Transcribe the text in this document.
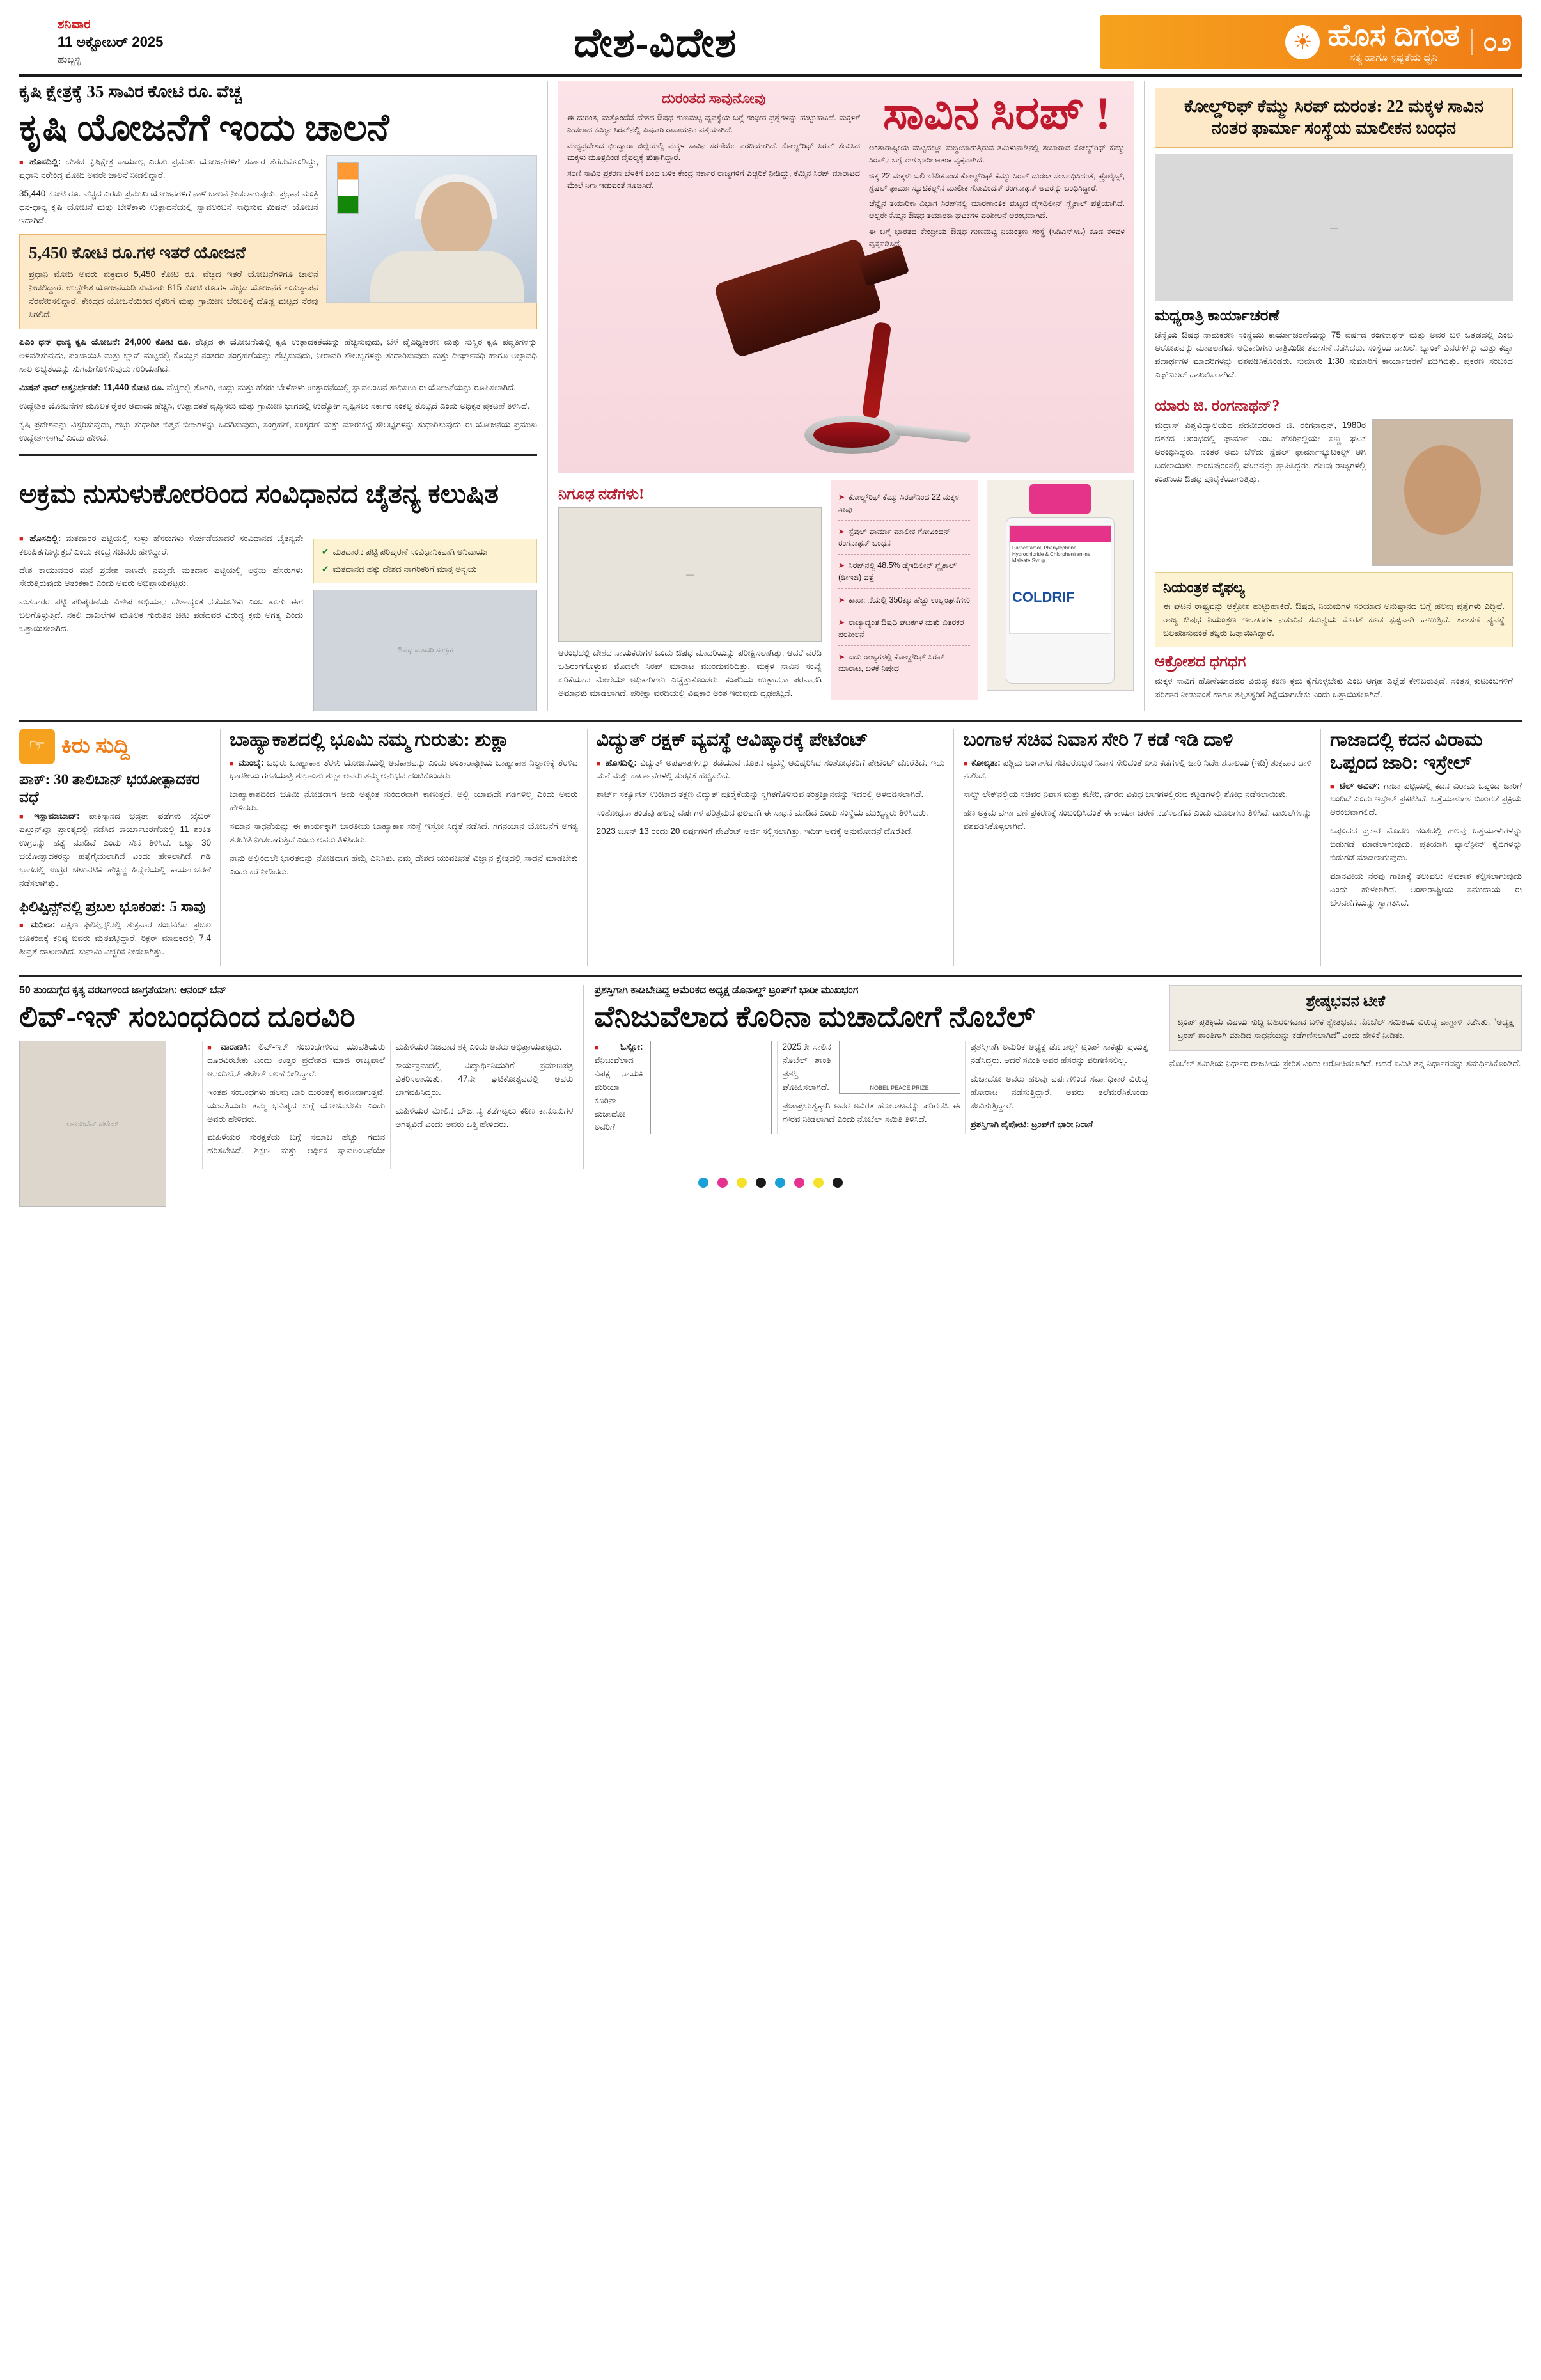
ಶನಿವಾರ
11 ಅಕ್ಟೋಬರ್ 2025
ಹುಬ್ಬಳ್ಳಿ	ದೇಶ-ವಿದೇಶ	☀ ಹೊಸ ದಿಗಂತ
ಸತ್ಯ ಹಾಗೂ ಸ್ಪಷ್ಟತೆಯ ಧ್ವನಿ
೦೨
ಕೃಷಿ ಕ್ಷೇತ್ರಕ್ಕೆ 35 ಸಾವಿರ ಕೋಟಿ ರೂ. ವೆಚ್ಚ
ಕೃಷಿ ಯೋಜನೆಗೆ ಇಂದು ಚಾಲನೆ

■ ಹೊಸದಿಲ್ಲಿ: ದೇಶದ ಕೃಷಿಕ್ಷೇತ್ರ ಕಾಯಕಲ್ಪ ಎರಡು ಪ್ರಮುಖ ಯೋಜನೆಗಳಿಗೆ ಸರ್ಕಾರ ತೆರೆದುಕೊಂಡಿದ್ದು, ಪ್ರಧಾನಿ ನರೇಂದ್ರ ಮೋದಿ ಅವರೇ ಚಾಲನೆ ನೀಡಲಿದ್ದಾರೆ.

35,440 ಕೋಟಿ ರೂ. ವೆಚ್ಚದ ಎರಡು ಪ್ರಮುಖ ಯೋಜನೆಗಳಿಗೆ ನಾಳೆ ಚಾಲನೆ ನೀಡಲಾಗುವುದು. ಪ್ರಧಾನ ಮಂತ್ರಿ ಧನ-ಧಾನ್ಯ ಕೃಷಿ ಯೋಜನೆ ಮತ್ತು ಬೇಳೆಕಾಳು ಉತ್ಪಾದನೆಯಲ್ಲಿ ಸ್ವಾವಲಂಬನೆ ಸಾಧಿಸುವ ಮಿಷನ್ ಯೋಜನೆ ಇದಾಗಿದೆ.

5,450 ಕೋಟಿ ರೂ.ಗಳ ಇತರೆ ಯೋಜನೆ
ಪ್ರಧಾನಿ ಮೋದಿ ಅವರು ಶುಕ್ರವಾರ 5,450 ಕೋಟಿ ರೂ. ವೆಚ್ಚದ ಇತರೆ ಯೋಜನೆಗಳಿಗೂ ಚಾಲನೆ ನೀಡಲಿದ್ದಾರೆ. ಉದ್ದೇಶಿತ ಯೋಜನೆಯಡಿ ಸುಮಾರು 815 ಕೋಟಿ ರೂ.ಗಳ ವೆಚ್ಚದ ಯೋಜನೆಗೆ ಶಂಕುಸ್ಥಾಪನೆ ನೆರವೇರಿಸಲಿದ್ದಾರೆ. ಕೇಂದ್ರದ ಯೋಜನೆಯಿಂದ ರೈತರಿಗೆ ಮತ್ತು ಗ್ರಾಮೀಣ ಬೆಂಬಲಕ್ಕೆ ದೊಡ್ಡ ಮಟ್ಟದ ನೆರವು ಸಿಗಲಿದೆ.

ಪಿಎಂ ಧನ್ ಧಾನ್ಯ ಕೃಷಿ ಯೋಜನೆ: 24,000 ಕೋಟಿ ರೂ. ವೆಚ್ಚದ ಈ ಯೋಜನೆಯಲ್ಲಿ ಕೃಷಿ ಉತ್ಪಾದಕತೆಯನ್ನು ಹೆಚ್ಚಿಸುವುದು, ಬೆಳೆ ವೈವಿಧ್ಯೀಕರಣ ಮತ್ತು ಸುಸ್ಥಿರ ಕೃಷಿ ಪದ್ಧತಿಗಳನ್ನು ಅಳವಡಿಸುವುದು, ಪಂಚಾಯಿತಿ ಮತ್ತು ಬ್ಲಾಕ್ ಮಟ್ಟದಲ್ಲಿ ಕೊಯ್ಲಿನ ನಂತರದ ಸಂಗ್ರಹಣೆಯನ್ನು ಹೆಚ್ಚಿಸುವುದು, ನೀರಾವರಿ ಸೌಲಭ್ಯಗಳನ್ನು ಸುಧಾರಿಸುವುದು ಮತ್ತು ದೀರ್ಘಾವಧಿ ಹಾಗೂ ಅಲ್ಪಾವಧಿ ಸಾಲ ಲಭ್ಯತೆಯನ್ನು ಸುಗಮಗೊಳಿಸುವುದು ಗುರಿಯಾಗಿದೆ.

ಮಿಷನ್ ಫಾರ್ ಆತ್ಮನಿರ್ಭರತೆ: 11,440 ಕೋಟಿ ರೂ. ವೆಚ್ಚದಲ್ಲಿ ತೊಗರಿ, ಉದ್ದು ಮತ್ತು ಹೆಸರು ಬೇಳೆಕಾಳು ಉತ್ಪಾದನೆಯಲ್ಲಿ ಸ್ವಾವಲಂಬನೆ ಸಾಧಿಸಲು ಈ ಯೋಜನೆಯನ್ನು ರೂಪಿಸಲಾಗಿದೆ.

ಉದ್ದೇಶಿತ ಯೋಜನೆಗಳ ಮೂಲಕ ರೈತರ ಆದಾಯ ಹೆಚ್ಚಿಸಿ, ಉತ್ಪಾದಕತೆ ವೃದ್ಧಿಸಲು ಮತ್ತು ಗ್ರಾಮೀಣ ಭಾಗದಲ್ಲಿ ಉದ್ಯೋಗ ಸೃಷ್ಟಿಸಲು ಸರ್ಕಾರ ಸಂಕಲ್ಪ ತೊಟ್ಟಿದೆ ಎಂದು ಅಧಿಕೃತ ಪ್ರಕಟಣೆ ತಿಳಿಸಿದೆ.

ಕೃಷಿ ಪ್ರದೇಶವನ್ನು ವಿಸ್ತರಿಸುವುದು, ಹೆಚ್ಚು ಸುಧಾರಿತ ಬಿತ್ತನೆ ಬೀಜಗಳನ್ನು ಒದಗಿಸುವುದು, ಸಂಗ್ರಹಣೆ, ಸಂಸ್ಕರಣೆ ಮತ್ತು ಮಾರುಕಟ್ಟೆ ಸೌಲಭ್ಯಗಳನ್ನು ಸುಧಾರಿಸುವುದು ಈ ಯೋಜನೆಯ ಪ್ರಮುಖ ಉದ್ದೇಶಗಳಾಗಿವೆ ಎಂದು ಹೇಳಿದೆ.

ಅಕ್ರಮ ನುಸುಳುಕೋರರಿಂದ ಸಂವಿಧಾನದ ಚೈತನ್ಯ ಕಲುಷಿತ

■ ಹೊಸದಿಲ್ಲಿ: ಮತದಾರರ ಪಟ್ಟಿಯಲ್ಲಿ ಸುಳ್ಳು ಹೆಸರುಗಳು ಸೇರ್ಪಡೆಯಾದರೆ ಸಂವಿಧಾನದ ಚೈತನ್ಯವೇ ಕಲುಷಿತಗೊಳ್ಳುತ್ತದೆ ಎಂದು ಕೇಂದ್ರ ಸಚಿವರು ಹೇಳಿದ್ದಾರೆ.

ದೇಶ ಕಾಯುವವರ ಮನೆ ಪ್ರವೇಶ ಕಾಣದೇ ನಮ್ಮದೇ ಮತದಾರ ಪಟ್ಟಿಯಲ್ಲಿ ಅಕ್ರಮ ಹೆಸರುಗಳು ಸೇರುತ್ತಿರುವುದು ಆತಂಕಕಾರಿ ಎಂದು ಅವರು ಅಭಿಪ್ರಾಯಪಟ್ಟರು.

ಮತದಾರರ ಪಟ್ಟಿ ಪರಿಷ್ಕರಣೆಯ ವಿಶೇಷ ಅಭಿಯಾನ ದೇಶಾದ್ಯಂತ ನಡೆಯಬೇಕು ಎಂಬ ಕೂಗು ಈಗ ಬಲಗೊಳ್ಳುತ್ತಿದೆ. ನಕಲಿ ದಾಖಲೆಗಳ ಮೂಲಕ ಗುರುತಿನ ಚೀಟಿ ಪಡೆದವರ ವಿರುದ್ಧ ಕ್ರಮ ಅಗತ್ಯ ಎಂದು ಒತ್ತಾಯಿಸಲಾಗಿದೆ.

✔ ಮತದಾರನ ಪಟ್ಟಿ ಪರಿಷ್ಕರಣೆ ಸಂವಿಧಾನಿಕವಾಗಿ ಅನಿವಾರ್ಯ
✔ ಮತದಾನದ ಹಕ್ಕು ದೇಶದ ನಾಗರಿಕರಿಗೆ ಮಾತ್ರ ಅನ್ವಯ
ಔಷಧ ಮಾದರಿ ಸಂಗ್ರಹ
ದುರಂತದ ಸಾವುನೋವು

ಈ ದುರಂತ, ಮತ್ತೊಂದೆಡೆ ದೇಶದ ಔಷಧ ಗುಣಮಟ್ಟ ವ್ಯವಸ್ಥೆಯ ಬಗ್ಗೆ ಗಂಭೀರ ಪ್ರಶ್ನೆಗಳನ್ನು ಹುಟ್ಟುಹಾಕಿದೆ. ಮಕ್ಕಳಿಗೆ ನೀಡಲಾದ ಕೆಮ್ಮಿನ ಸಿರಪ್‌ನಲ್ಲಿ ವಿಷಕಾರಿ ರಾಸಾಯನಿಕ ಪತ್ತೆಯಾಗಿದೆ.

ಮಧ್ಯಪ್ರದೇಶದ ಛಿಂದ್ವಾರಾ ಜಿಲ್ಲೆಯಲ್ಲಿ ಮಕ್ಕಳ ಸಾವಿನ ಸರಣಿಯೇ ವರದಿಯಾಗಿದೆ. ಕೋಲ್ಡ್‌ರಿಫ್ ಸಿರಪ್ ಸೇವಿಸಿದ ಮಕ್ಕಳು ಮೂತ್ರಪಿಂಡ ವೈಫಲ್ಯಕ್ಕೆ ತುತ್ತಾಗಿದ್ದಾರೆ.

ಸರಣಿ ಸಾವಿನ ಪ್ರಕರಣ ಬೆಳಕಿಗೆ ಬಂದ ಬಳಿಕ ಕೇಂದ್ರ ಸರ್ಕಾರ ರಾಜ್ಯಗಳಿಗೆ ಎಚ್ಚರಿಕೆ ನೀಡಿದ್ದು, ಕೆಮ್ಮಿನ ಸಿರಪ್ ಮಾರಾಟದ ಮೇಲೆ ನಿಗಾ ಇಡುವಂತೆ ಸೂಚಿಸಿದೆ.

ಸಾವಿನ ಸಿರಪ್ !

ಅಂತಾರಾಷ್ಟ್ರೀಯ ಮಟ್ಟದಲ್ಲೂ ಸುದ್ದಿಯಾಗುತ್ತಿರುವ ತಮಿಳುನಾಡಿನಲ್ಲಿ ತಯಾರಾದ ಕೋಲ್ಡ್‌ರಿಫ್ ಕೆಮ್ಮು ಸಿರಪ್‌ನ ಬಗ್ಗೆ ಈಗ ಭಾರೀ ಆತಂಕ ವ್ಯಕ್ತವಾಗಿದೆ.

ಚಿಕ್ಕ 22 ಮಕ್ಕಳು ಬಲಿ ಬೇಡಿಕೊಂಡ ಕೋಲ್ಡ್‌ರಿಫ್ ಕೆಮ್ಮು ಸಿರಪ್ ದುರಂತ ಸಂಬಂಧಿಸಿದಂತೆ, ಪ್ರೊಲೈಟ್ಸ್, ಸ್ಪೆಷಲ್ ಫಾರ್ಮಾಸ್ಯೂಟಿಕಲ್ಸ್‌ನ ಮಾಲೀಕ ಗೋವಿಂದನ್ ರಂಗನಾಥನ್ ಅವರನ್ನು ಬಂಧಿಸಿದ್ದಾರೆ.

ಚೆನ್ನೈನ ತಯಾರಿಕಾ ವಿಭಾಗ ಸಿರಪ್‌ನಲ್ಲಿ ಮಾರಣಾಂತಿಕ ಮಟ್ಟದ ಡೈಇಥಿಲೀನ್ ಗ್ಲೈಕಾಲ್ ಪತ್ತೆಯಾಗಿದೆ. ಆಲ್ಪರೇ ಕೆಮ್ಮಿನ ಔಷಧ ತಯಾರಿಕಾ ಘಟಕಗಳ ಪರಿಶೀಲನೆ ಆರಂಭವಾಗಿದೆ.

ಈ ಬಗ್ಗೆ ಭಾರತದ ಕೇಂದ್ರೀಯ ಔಷಧ ಗುಣಮಟ್ಟ ನಿಯಂತ್ರಣ ಸಂಸ್ಥೆ (ಸಿಡಿಎಸ್‌ಸಿಒ) ಕೂಡ ಕಳವಳ ವ್ಯಕ್ತಪಡಿಸಿದೆ.

ನಿಗೂಢ ನಡೆಗಳು!
—
ಆರಂಭದಲ್ಲಿ ದೇಶದ ನಾಯಕರುಗಳ ಒಂದು ಔಷಧ ಮಾದರಿಯನ್ನು ಪರೀಕ್ಷಿಸಲಾಗಿತ್ತು. ಆದರೆ ವರದಿ ಬಹಿರಂಗಗೊಳ್ಳುವ ಮೊದಲೇ ಸಿರಪ್ ಮಾರಾಟ ಮುಂದುವರಿದಿತ್ತು. ಮಕ್ಕಳ ಸಾವಿನ ಸಂಖ್ಯೆ ಏರಿಕೆಯಾದ ಮೇಲೆಯೇ ಅಧಿಕಾರಿಗಳು ಎಚ್ಚೆತ್ತುಕೊಂಡರು. ಕಂಪನಿಯ ಉತ್ಪಾದನಾ ಪರವಾನಗಿ ಅಮಾನತು ಮಾಡಲಾಗಿದೆ. ಪರೀಕ್ಷಾ ವರದಿಯಲ್ಲಿ ವಿಷಕಾರಿ ಅಂಶ ಇರುವುದು ದೃಢಪಟ್ಟಿದೆ.
➤ ಕೋಲ್ಡ್‌ರಿಫ್ ಕೆಮ್ಮು ಸಿರಪ್‌ನಿಂದ 22 ಮಕ್ಕಳ ಸಾವು
➤ ಸ್ಪೆಷಲ್ ಫಾರ್ಮಾ ಮಾಲೀಕ ಗೋವಿಂದನ್ ರಂಗನಾಥನ್ ಬಂಧನ
➤ ಸಿರಪ್‌ನಲ್ಲಿ 48.5% ಡೈಇಥಿಲೀನ್ ಗ್ಲೈಕಾಲ್ (ಡೀಇಜಿ) ಪತ್ತೆ
➤ ಕಾರ್ಖಾನೆಯಲ್ಲಿ 350ಕ್ಕೂ ಹೆಚ್ಚು ಉಲ್ಲಂಘನೆಗಳು
➤ ರಾಜ್ಯಾದ್ಯಂತ ಔಷಧಿ ಘಟಕಗಳ ಮತ್ತು ವಿತರಕರ ಪರಿಶೀಲನೆ
➤ ಐದು ರಾಜ್ಯಗಳಲ್ಲಿ ಕೋಲ್ಡ್‌ರಿಫ್ ಸಿರಪ್ ಮಾರಾಟ, ಬಳಕೆ ನಿಷೇಧ
Paracetamol, Phenylephrine Hydrochloride & Chlorpheniramine Maleate Syrup
COLDRIF
ಕೋಲ್ಡ್‌ರಿಫ್ ಕೆಮ್ಮು ಸಿರಪ್ ದುರಂತ: 22 ಮಕ್ಕಳ ಸಾವಿನ ನಂತರ ಫಾರ್ಮಾ ಸಂಸ್ಥೆಯ ಮಾಲೀಕನ ಬಂಧನ
—
ಮಧ್ಯರಾತ್ರಿ ಕಾರ್ಯಾಚರಣೆ
ಚೆನ್ನೈಯ ಔಷಧ ನಾಮಕರಣ ಸಂಸ್ಥೆಯು ಕಾರ್ಯಾಚರಣೆಯನ್ನು 75 ವರ್ಷದ ರಂಗನಾಥನ್ ಮತ್ತು ಅವರ ಬಳಿ ಒತ್ತಡದಲ್ಲಿ ಎಂಬ ಆರೋಪವನ್ನು ಮಾಡಲಾಗಿದೆ. ಅಧಿಕಾರಿಗಳು ರಾತ್ರಿಯಿಡೀ ತಪಾಸಣೆ ನಡೆಸಿದರು. ಸಂಸ್ಥೆಯ ದಾಖಲೆ, ಬ್ಯಾಂಕ್ ವಿವರಗಳನ್ನು ಮತ್ತು ಕಚ್ಚಾ ಪದಾರ್ಥಗಳ ಮಾದರಿಗಳನ್ನು ವಶಪಡಿಸಿಕೊಂಡರು. ಸುಮಾರು 1:30 ಸುಮಾರಿಗೆ ಕಾರ್ಯಾಚರಣೆ ಮುಗಿದಿತ್ತು. ಪ್ರಕರಣ ಸಂಬಂಧ ಎಫ್‌ಐಆರ್ ದಾಖಲಿಸಲಾಗಿದೆ.
ಯಾರು ಜಿ. ರಂಗನಾಥನ್?
ಮದ್ರಾಸ್ ವಿಶ್ವವಿದ್ಯಾಲಯದ ಪದವೀಧರರಾದ ಜಿ. ರಂಗನಾಥನ್, 1980ರ ದಶಕದ ಆರಂಭದಲ್ಲಿ ಫಾರ್ಮಾ ಎಂಬ ಹೆಸರಿನಲ್ಲಿಯೇ ಸಣ್ಣ ಘಟಕ ಆರಂಭಿಸಿದ್ದರು. ನಂತರ ಅದು ಬೆಳೆದು ಸ್ಪೆಷಲ್ ಫಾರ್ಮಾಸ್ಯೂಟಿಕಲ್ಸ್ ಆಗಿ ಬದಲಾಯಿತು. ಕಾಂಚಿಪುರಂನಲ್ಲಿ ಘಟಕವನ್ನು ಸ್ಥಾಪಿಸಿದ್ದರು. ಹಲವು ರಾಜ್ಯಗಳಲ್ಲಿ ಕಂಪನಿಯ ಔಷಧ ಪೂರೈಕೆಯಾಗುತ್ತಿತ್ತು.
ನಿಯಂತ್ರಕ ವೈಫಲ್ಯ
ಈ ಘಟನೆ ರಾಷ್ಟ್ರವನ್ನು ಆಕ್ರೋಶ ಹುಟ್ಟುಹಾಕಿದೆ. ಔಷಧ, ನಿಯಮಗಳ ಸರಿಯಾದ ಅನುಷ್ಠಾನದ ಬಗ್ಗೆ ಹಲವು ಪ್ರಶ್ನೆಗಳು ಎದ್ದಿವೆ. ರಾಜ್ಯ ಔಷಧ ನಿಯಂತ್ರಣ ಇಲಾಖೆಗಳ ನಡುವಿನ ಸಮನ್ವಯ ಕೊರತೆ ಕೂಡ ಸ್ಪಷ್ಟವಾಗಿ ಕಾಣುತ್ತಿದೆ. ತಪಾಸಣೆ ವ್ಯವಸ್ಥೆ ಬಲಪಡಿಸುವಂತೆ ತಜ್ಞರು ಒತ್ತಾಯಿಸಿದ್ದಾರೆ.
ಆಕ್ರೋಶದ ಧಗಧಗ
ಮಕ್ಕಳ ಸಾವಿಗೆ ಹೊಣೆಯಾದವರ ವಿರುದ್ಧ ಕಠಿಣ ಕ್ರಮ ಕೈಗೊಳ್ಳಬೇಕು ಎಂಬ ಆಗ್ರಹ ಎಲ್ಲೆಡೆ ಕೇಳಿಬರುತ್ತಿದೆ. ಸಂತ್ರಸ್ತ ಕುಟುಂಬಗಳಿಗೆ ಪರಿಹಾರ ನೀಡುವಂತೆ ಹಾಗೂ ತಪ್ಪಿತಸ್ಥರಿಗೆ ಶಿಕ್ಷೆಯಾಗಬೇಕು ಎಂದು ಒತ್ತಾಯಿಸಲಾಗಿದೆ.
☞ ಕಿರು ಸುದ್ದಿ
ಪಾಕ್: 30 ತಾಲಿಬಾನ್ ಭಯೋತ್ಪಾದಕರ ವಧೆ
■ ಇಸ್ಲಾಮಾಬಾದ್: ಪಾಕಿಸ್ತಾನದ ಭದ್ರತಾ ಪಡೆಗಳು ಖೈಬರ್ ಪಖ್ತುನ್‌ಖ್ವಾ ಪ್ರಾಂತ್ಯದಲ್ಲಿ ನಡೆಸಿದ ಕಾರ್ಯಾಚರಣೆಯಲ್ಲಿ 11 ಶಂಕಿತ ಉಗ್ರರನ್ನು ಹತ್ಯೆ ಮಾಡಿವೆ ಎಂದು ಸೇನೆ ತಿಳಿಸಿದೆ. ಒಟ್ಟು 30 ಭಯೋತ್ಪಾದಕರನ್ನು ಹತ್ಯೆಗೈಯಲಾಗಿದೆ ಎಂದು ಹೇಳಲಾಗಿದೆ. ಗಡಿ ಭಾಗದಲ್ಲಿ ಉಗ್ರರ ಚಟುವಟಿಕೆ ಹೆಚ್ಚಿದ್ದ ಹಿನ್ನೆಲೆಯಲ್ಲಿ ಕಾರ್ಯಾಚರಣೆ ನಡೆಸಲಾಗಿತ್ತು.
ಫಿಲಿಪ್ಪಿನ್ಸ್‌ನಲ್ಲಿ ಪ್ರಬಲ ಭೂಕಂಪ: 5 ಸಾವು
■ ಮನಿಲಾ: ದಕ್ಷಿಣ ಫಿಲಿಪ್ಪಿನ್ಸ್‌ನಲ್ಲಿ ಶುಕ್ರವಾರ ಸಂಭವಿಸಿದ ಪ್ರಬಲ ಭೂಕಂಪಕ್ಕೆ ಕನಿಷ್ಠ ಐವರು ಮೃತಪಟ್ಟಿದ್ದಾರೆ. ರಿಕ್ಟರ್ ಮಾಪಕದಲ್ಲಿ 7.4 ತೀವ್ರತೆ ದಾಖಲಾಗಿದೆ. ಸುನಾಮಿ ಎಚ್ಚರಿಕೆ ನೀಡಲಾಗಿತ್ತು.
ಬಾಹ್ಯಾಕಾಶದಲ್ಲಿ ಭೂಮಿ ನಮ್ಮ ಗುರುತು: ಶುಕ್ಲಾ

■ ಮುಂಬೈ: ಒಬ್ಬರು ಬಾಹ್ಯಾಕಾಶ ತೆರಳು ಯೋಜನೆಯಲ್ಲಿ ಅವಕಾಶವನ್ನು ಎಂದು ಅಂತಾರಾಷ್ಟ್ರೀಯ ಬಾಹ್ಯಾಕಾಶ ನಿಲ್ದಾಣಕ್ಕೆ ತೆರಳಿದ ಭಾರತೀಯ ಗಗನಯಾತ್ರಿ ಶುಭಾಂಶು ಶುಕ್ಲಾ ಅವರು ತಮ್ಮ ಅನುಭವ ಹಂಚಿಕೊಂಡರು.

ಬಾಹ್ಯಾಕಾಶದಿಂದ ಭೂಮಿ ನೋಡಿದಾಗ ಅದು ಅತ್ಯಂತ ಸುಂದರವಾಗಿ ಕಾಣುತ್ತದೆ. ಅಲ್ಲಿ ಯಾವುದೇ ಗಡಿಗಳಿಲ್ಲ ಎಂದು ಅವರು ಹೇಳಿದರು.

ಸಮಾನ ಸಾಧನೆಯನ್ನು ಈ ಕಾರ್ಯಕ್ಕಾಗಿ ಭಾರತೀಯ ಬಾಹ್ಯಾಕಾಶ ಸಂಸ್ಥೆ ಇಸ್ರೋ ಸಿದ್ಧತೆ ನಡೆಸಿದೆ. ಗಗನಯಾನ ಯೋಜನೆಗೆ ಅಗತ್ಯ ತರಬೇತಿ ನೀಡಲಾಗುತ್ತಿದೆ ಎಂದು ಅವರು ತಿಳಿಸಿದರು.

ನಾನು ಅಲ್ಲಿಂದಲೇ ಭಾರತವನ್ನು ನೋಡಿದಾಗ ಹೆಮ್ಮೆ ಎನಿಸಿತು. ನಮ್ಮ ದೇಶದ ಯುವಜನತೆ ವಿಜ್ಞಾನ ಕ್ಷೇತ್ರದಲ್ಲಿ ಸಾಧನೆ ಮಾಡಬೇಕು ಎಂದು ಕರೆ ನೀಡಿದರು.

ವಿದ್ಯುತ್ ರಕ್ಷಕ್ ವ್ಯವಸ್ಥೆ ಆವಿಷ್ಕಾರಕ್ಕೆ ಪೇಟೆಂಟ್

■ ಹೊಸದಿಲ್ಲಿ: ವಿದ್ಯುತ್ ಅಪಘಾತಗಳನ್ನು ತಡೆಯುವ ನೂತನ ವ್ಯವಸ್ಥೆ ಆವಿಷ್ಕರಿಸಿದ ಸಂಶೋಧಕರಿಗೆ ಪೇಟೆಂಟ್ ದೊರೆತಿದೆ. ಇದು ಮನೆ ಮತ್ತು ಕಾರ್ಖಾನೆಗಳಲ್ಲಿ ಸುರಕ್ಷತೆ ಹೆಚ್ಚಿಸಲಿದೆ.

ಶಾರ್ಟ್ ಸರ್ಕ್ಯೂಟ್ ಉಂಟಾದ ತಕ್ಷಣ ವಿದ್ಯುತ್ ಪೂರೈಕೆಯನ್ನು ಸ್ಥಗಿತಗೊಳಿಸುವ ತಂತ್ರಜ್ಞಾನವನ್ನು ಇದರಲ್ಲಿ ಅಳವಡಿಸಲಾಗಿದೆ.

ಸಂಶೋಧನಾ ತಂಡವು ಹಲವು ವರ್ಷಗಳ ಪರಿಶ್ರಮದ ಫಲವಾಗಿ ಈ ಸಾಧನೆ ಮಾಡಿದೆ ಎಂದು ಸಂಸ್ಥೆಯ ಮುಖ್ಯಸ್ಥರು ತಿಳಿಸಿದರು.

2023 ಜೂನ್ 13 ರಂದು 20 ವರ್ಷಗಳಿಗೆ ಪೇಟೆಂಟ್ ಅರ್ಜಿ ಸಲ್ಲಿಸಲಾಗಿತ್ತು. ಇದೀಗ ಅದಕ್ಕೆ ಅನುಮೋದನೆ ದೊರೆತಿದೆ.

ಬಂಗಾಳ ಸಚಿವ ನಿವಾಸ ಸೇರಿ 7 ಕಡೆ ಇಡಿ ದಾಳಿ

■ ಕೋಲ್ಕತಾ: ಪಶ್ಚಿಮ ಬಂಗಾಳದ ಸಚಿವರೊಬ್ಬರ ನಿವಾಸ ಸೇರಿದಂತೆ ಏಳು ಕಡೆಗಳಲ್ಲಿ ಜಾರಿ ನಿರ್ದೇಶನಾಲಯ (ಇಡಿ) ಶುಕ್ರವಾರ ದಾಳಿ ನಡೆಸಿದೆ.

ಸಾಲ್ಟ್ ಲೇಕ್‌ನಲ್ಲಿಯ ಸಚಿವರ ನಿವಾಸ ಮತ್ತು ಕಚೇರಿ, ನಗರದ ವಿವಿಧ ಭಾಗಗಳಲ್ಲಿರುವ ಕಟ್ಟಡಗಳಲ್ಲಿ ಶೋಧ ನಡೆಸಲಾಯಿತು.

ಹಣ ಅಕ್ರಮ ವರ್ಗಾವಣೆ ಪ್ರಕರಣಕ್ಕೆ ಸಂಬಂಧಿಸಿದಂತೆ ಈ ಕಾರ್ಯಾಚರಣೆ ನಡೆಸಲಾಗಿದೆ ಎಂದು ಮೂಲಗಳು ತಿಳಿಸಿವೆ. ದಾಖಲೆಗಳನ್ನು ವಶಪಡಿಸಿಕೊಳ್ಳಲಾಗಿದೆ.

ಗಾಜಾದಲ್ಲಿ ಕದನ ವಿರಾಮ ಒಪ್ಪಂದ ಜಾರಿ: ಇಸ್ರೇಲ್

■ ಟೆಲ್ ಅವಿವ್: ಗಾಜಾ ಪಟ್ಟಿಯಲ್ಲಿ ಕದನ ವಿರಾಮ ಒಪ್ಪಂದ ಜಾರಿಗೆ ಬಂದಿದೆ ಎಂದು ಇಸ್ರೇಲ್ ಪ್ರಕಟಿಸಿದೆ. ಒತ್ತೆಯಾಳುಗಳ ಬಿಡುಗಡೆ ಪ್ರಕ್ರಿಯೆ ಆರಂಭವಾಗಲಿದೆ.

ಒಪ್ಪಂದದ ಪ್ರಕಾರ ಮೊದಲ ಹಂತದಲ್ಲಿ ಹಲವು ಒತ್ತೆಯಾಳುಗಳನ್ನು ಬಿಡುಗಡೆ ಮಾಡಲಾಗುವುದು. ಪ್ರತಿಯಾಗಿ ಪ್ಯಾಲೆಸ್ಟೀನ್ ಕೈದಿಗಳನ್ನು ಬಿಡುಗಡೆ ಮಾಡಲಾಗುವುದು.

ಮಾನವೀಯ ನೆರವು ಗಾಜಾಕ್ಕೆ ತಲುಪಲು ಅವಕಾಶ ಕಲ್ಪಿಸಲಾಗುವುದು ಎಂದು ಹೇಳಲಾಗಿದೆ. ಅಂತಾರಾಷ್ಟ್ರೀಯ ಸಮುದಾಯ ಈ ಬೆಳವಣಿಗೆಯನ್ನು ಸ್ವಾಗತಿಸಿದೆ.

50 ತುಂಡುಗ್ಗೆದ ಕೃತ್ಯ ವರದಿಗಳಿಂದ ಜಾಗ್ರತೆಯಾಗಿ: ಆನಂದ್ ಬೆನ್
ಲಿವ್-ಇನ್ ಸಂಬಂಧದಿಂದ ದೂರವಿರಿ
ಆನಂದಿಬೆನ್ ಪಟೇಲ್

■ ವಾರಾಣಸಿ: ಲಿವ್-ಇನ್ ಸಂಬಂಧಗಳಿಂದ ಯುವತಿಯರು ದೂರವಿರಬೇಕು ಎಂದು ಉತ್ತರ ಪ್ರದೇಶದ ಮಾಜಿ ರಾಜ್ಯಪಾಲೆ ಆನಂದಿಬೆನ್ ಪಟೇಲ್ ಸಲಹೆ ನೀಡಿದ್ದಾರೆ.

ಇಂತಹ ಸಂಬಂಧಗಳು ಹಲವು ಬಾರಿ ದುರಂತಕ್ಕೆ ಕಾರಣವಾಗುತ್ತವೆ. ಯುವತಿಯರು ತಮ್ಮ ಭವಿಷ್ಯದ ಬಗ್ಗೆ ಯೋಚಿಸಬೇಕು ಎಂದು ಅವರು ಹೇಳಿದರು.

ಮಹಿಳೆಯರ ಸುರಕ್ಷತೆಯ ಬಗ್ಗೆ ಸಮಾಜ ಹೆಚ್ಚು ಗಮನ ಹರಿಸಬೇಕಿದೆ. ಶಿಕ್ಷಣ ಮತ್ತು ಆರ್ಥಿಕ ಸ್ವಾವಲಂಬನೆಯೇ ಮಹಿಳೆಯರ ನಿಜವಾದ ಶಕ್ತಿ ಎಂದು ಅವರು ಅಭಿಪ್ರಾಯಪಟ್ಟರು.

ಕಾರ್ಯಕ್ರಮದಲ್ಲಿ ವಿದ್ಯಾರ್ಥಿನಿಯರಿಗೆ ಪ್ರಮಾಣಪತ್ರ ವಿತರಿಸಲಾಯಿತು. 47ನೇ ಘಟಿಕೋತ್ಸವದಲ್ಲಿ ಅವರು ಭಾಗವಹಿಸಿದ್ದರು.

ಮಹಿಳೆಯರ ಮೇಲಿನ ದೌರ್ಜನ್ಯ ತಡೆಗಟ್ಟಲು ಕಠಿಣ ಕಾನೂನುಗಳ ಅಗತ್ಯವಿದೆ ಎಂದು ಅವರು ಒತ್ತಿ ಹೇಳಿದರು.

ಪ್ರಶಸ್ತಿಗಾಗಿ ಕಾಡಿಬೇಡಿದ್ದ ಅಮೆರಿಕದ ಅಧ್ಯಕ್ಷ ಡೊನಾಲ್ಡ್ ಟ್ರಂಪ್‌ಗೆ ಭಾರೀ ಮುಖಭಂಗ
ವೆನಿಜುವೆಲಾದ ಕೊರಿನಾ ಮಚಾದೋಗೆ ನೊಬೆಲ್
NOBEL PEACE PRIZE

■ ಓಸ್ಲೋ: ವೆನಿಜುವೆಲಾದ ವಿಪಕ್ಷ ನಾಯಕಿ ಮರಿಯಾ ಕೊರಿನಾ ಮಚಾದೋ ಅವರಿಗೆ 2025ನೇ ಸಾಲಿನ ನೊಬೆಲ್ ಶಾಂತಿ ಪ್ರಶಸ್ತಿ ಘೋಷಿಸಲಾಗಿದೆ.

ಪ್ರಜಾಪ್ರಭುತ್ವಕ್ಕಾಗಿ ಅವರ ಅವಿರತ ಹೋರಾಟವನ್ನು ಪರಿಗಣಿಸಿ ಈ ಗೌರವ ನೀಡಲಾಗಿದೆ ಎಂದು ನೊಬೆಲ್ ಸಮಿತಿ ತಿಳಿಸಿದೆ.

ಪ್ರಶಸ್ತಿಗಾಗಿ ಅಮೆರಿಕ ಅಧ್ಯಕ್ಷ ಡೊನಾಲ್ಡ್ ಟ್ರಂಪ್ ಸಾಕಷ್ಟು ಪ್ರಯತ್ನ ನಡೆಸಿದ್ದರು. ಆದರೆ ಸಮಿತಿ ಅವರ ಹೆಸರನ್ನು ಪರಿಗಣಿಸಲಿಲ್ಲ.

ಮಚಾದೋ ಅವರು ಹಲವು ವರ್ಷಗಳಿಂದ ಸರ್ವಾಧಿಕಾರ ವಿರುದ್ಧ ಹೋರಾಟ ನಡೆಸುತ್ತಿದ್ದಾರೆ. ಅವರು ತಲೆಮರೆಸಿಕೊಂಡು ಜೀವಿಸುತ್ತಿದ್ದಾರೆ.

ಪ್ರಶಸ್ತಿಗಾಗಿ ಪೈಪೋಟಿ: ಟ್ರಂಪ್‌ಗೆ ಭಾರೀ ನಿರಾಸೆ

ಶ್ರೇಷ್ಠಭವನ ಟೀಕೆ
ಟ್ರಂಪ್ ಪ್ರತಿಕ್ರಿಯೆ ವಿಷಯ ಸುದ್ದಿ ಬಹಿರಂಗವಾದ ಬಳಿಕ ಶ್ವೇತಭವನ ನೊಬೆಲ್ ಸಮಿತಿಯ ವಿರುದ್ಧ ವಾಗ್ದಾಳಿ ನಡೆಸಿತು. "ಅಧ್ಯಕ್ಷ ಟ್ರಂಪ್ ಶಾಂತಿಗಾಗಿ ಮಾಡಿದ ಸಾಧನೆಯನ್ನು ಕಡೆಗಣಿಸಲಾಗಿದೆ" ಎಂದು ಹೇಳಿಕೆ ನೀಡಿತು.
ನೊಬೆಲ್ ಸಮಿತಿಯ ನಿರ್ಧಾರ ರಾಜಕೀಯ ಪ್ರೇರಿತ ಎಂದು ಆರೋಪಿಸಲಾಗಿದೆ. ಆದರೆ ಸಮಿತಿ ತನ್ನ ನಿರ್ಧಾರವನ್ನು ಸಮರ್ಥಿಸಿಕೊಂಡಿದೆ.
